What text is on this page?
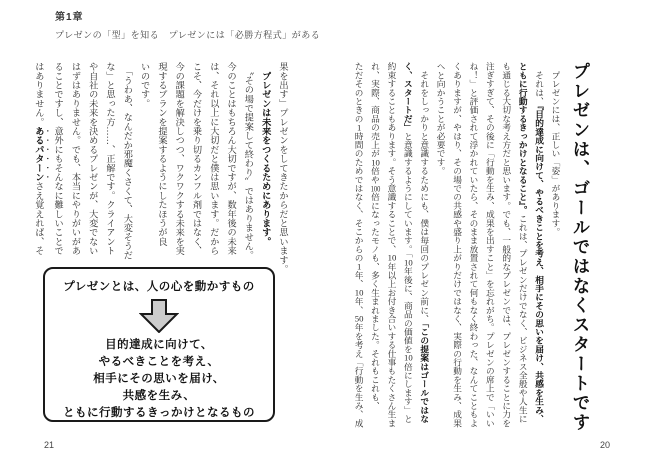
第1章
プレゼンの「型」を知る　プレゼンには「必勝方程式」がある
プレゼンは、ゴールではなくスタートです
　プレゼンには、正しい「姿」があります。
　それは、『目的達成に向けて、やるべきことを考え、相手にその思いを届け、共感を生み、
ともに行動するきっかけとなること』。これは、プレゼンだけでなく、ビジネス全般や人生に
も通じる大切な考え方だと思います。でも、一般的なプレゼンでは、プレゼンすることに力を
注ぎすぎて、その後に「行動を生み、成果を出すこと」を忘れがち。プレゼンの席上で「いい
ね！」と評価されて浮かれていたら、そのまま放置されて何もなく終わった、なんてこともよ
くありますが、やはり、その場での共感や盛り上がりだけではなく、実際の行動を生み、成果
へと向かうことが必要です。
　それをしっかりと意識するためにも、僕は毎回のプレゼン前に、「この提案はゴールではな
く、スタートだ」と意識するようにしています。「10年後に、商品の価値を10倍にします」と
約束することもあります。そう意識することで、10年以上お付き合いする仕事もたくさん生ま
れ、実際、商品の売上が10倍や100倍になったモノも、多く生まれました。それもこれも、
ただそのときの1時間のためではなく、そこからの1年、10年、50年を考え「行動を生み、成
果を出す」プレゼンをしてきたからだと思います。
　プレゼンは未来をつくるためにあります。
　〝その場で提案して終わり〟ではありません。
今のことはもちろん大切ですが、数年後の未来
は、それ以上に大切だと僕は思います。だから
こそ、今だけを乗り切るカンフル剤ではなく、
今の課題を解決しつつ、ワクワクする未来を実
現するプランを提案するようにしたほうが良
いのです。
　「うわあ、なんだか邪魔くさくて、大変そうだ
な」と思った方……、正解です。クライアント
や自社の未来を決めるプレゼンが、大変でない
はずはありません。でも、本当にやりがいがあ
ることですし、意外にもそんなに難しいことで
はありません。あるパターンさえ覚えれば、そ
プレゼンとは、人の心を動かすもの
目的達成に向けて、
やるべきことを考え、
相手にその思いを届け、
共感を生み、
ともに行動するきっかけとなるもの
21	20
